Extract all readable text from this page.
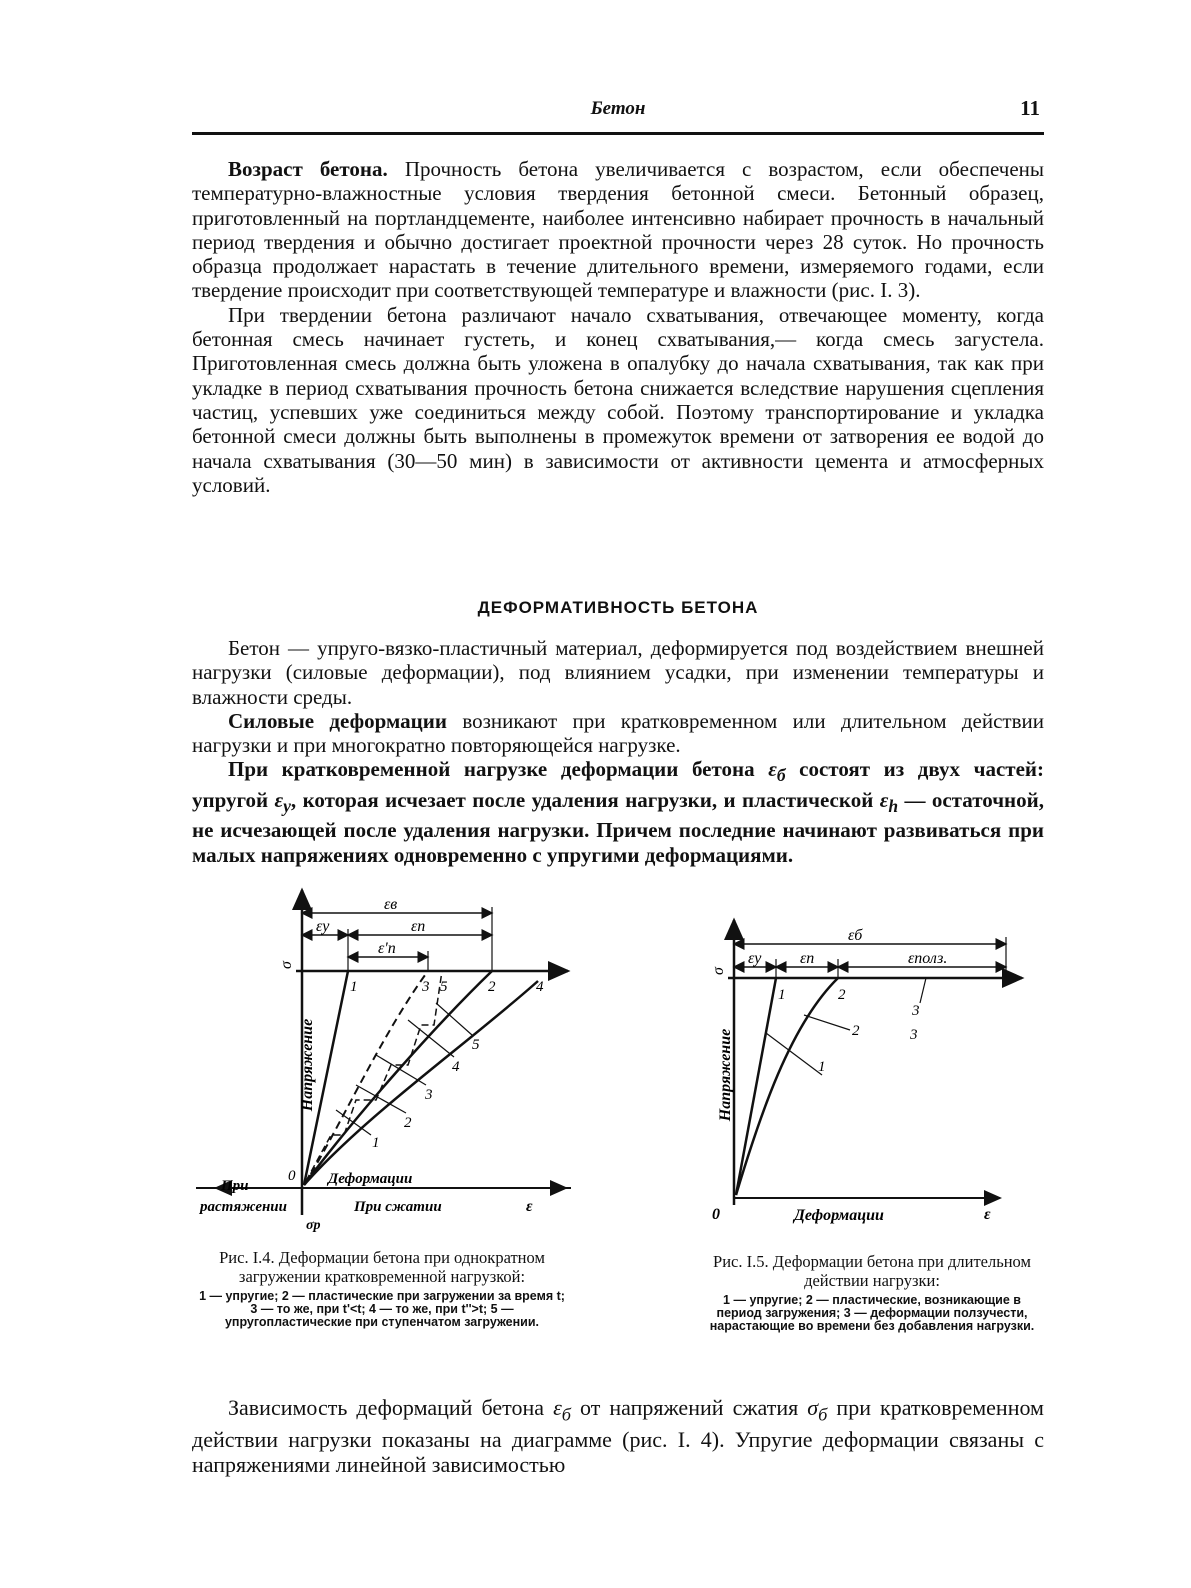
Бетон	11

Возраст бетона. Прочность бетона увеличивается с возрастом, если обеспечены температурно-влажностные условия твердения бетонной смеси. Бетонный образец, приготовленный на портландцементе, наиболее интенсивно набирает прочность в начальный период твердения и обычно достигает проектной прочности через 28 суток. Но прочность образца продолжает нарастать в течение длительного времени, измеряемого годами, если твердение происходит при соответствующей температуре и влажности (рис. I. 3).

При твердении бетона различают начало схватывания, отвечающее моменту, когда бетонная смесь начинает густеть, и конец схватывания,— когда смесь загустела. Приготовленная смесь должна быть уложена в опалубку до начала схватывания, так как при укладке в период схватывания прочность бетона снижается вследствие нарушения сцепления частиц, успевших уже соединиться между собой. Поэтому транспортирование и укладка бетонной смеси должны быть выполнены в промежуток времени от затворения ее водой до начала схватывания (30—50 мин) в зависимости от активности цемента и атмосферных условий.

ДЕФОРМАТИВНОСТЬ БЕТОНА

Бетон — упруго-вязко-пластичный материал, деформируется под воздействием внешней нагрузки (силовые деформации), под влиянием усадки, при изменении температуры и влажности среды.

Силовые деформации возникают при кратковременном или длительном действии нагрузки и при многократно повторяющейся нагрузке.

При кратковременной нагрузке деформации бетона $\varepsilon_б$ состоят из двух частей: упругой $\varepsilon_у$, которая исчезает после удаления нагрузки, и пластической $\varepsilon_h$ — остаточной, не исчезающей после удаления нагрузки. Причем последние начинают развиваться при малых напряжениях одновременно с упругими деформациями.

εв
εу	εп
ε'п
σ
Напряжение
1	3 5	2	4
1
2
3
4
5
0 Деформации
При
растяжении	При сжатии	ε
σр
Рис. I.4. Деформации бетона при однократном загружении кратковременной нагрузкой:
1 — упругие; 2 — пластические при загружении за время t; 3 — то же, при t'<t; 4 — то же, при t''>t; 5 — упругопластические при ступенчатом загружении.
εб
εу εп	εполз.
σ
Напряжение
1	2
3
1
2	3
0	Деформации	ε
Рис. I.5. Деформации бетона при длительном действии нагрузки:
1 — упругие; 2 — пластические, возникающие в период загружения; 3 — деформации ползучести, нарастающие во времени без добавления нагрузки.

Зависимость деформаций бетона $\varepsilon_б$ от напряжений сжатия $\sigma_б$ при кратковременном действии нагрузки показаны на диаграмме (рис. I. 4). Упругие деформации связаны с напряжениями линейной зависимостью
